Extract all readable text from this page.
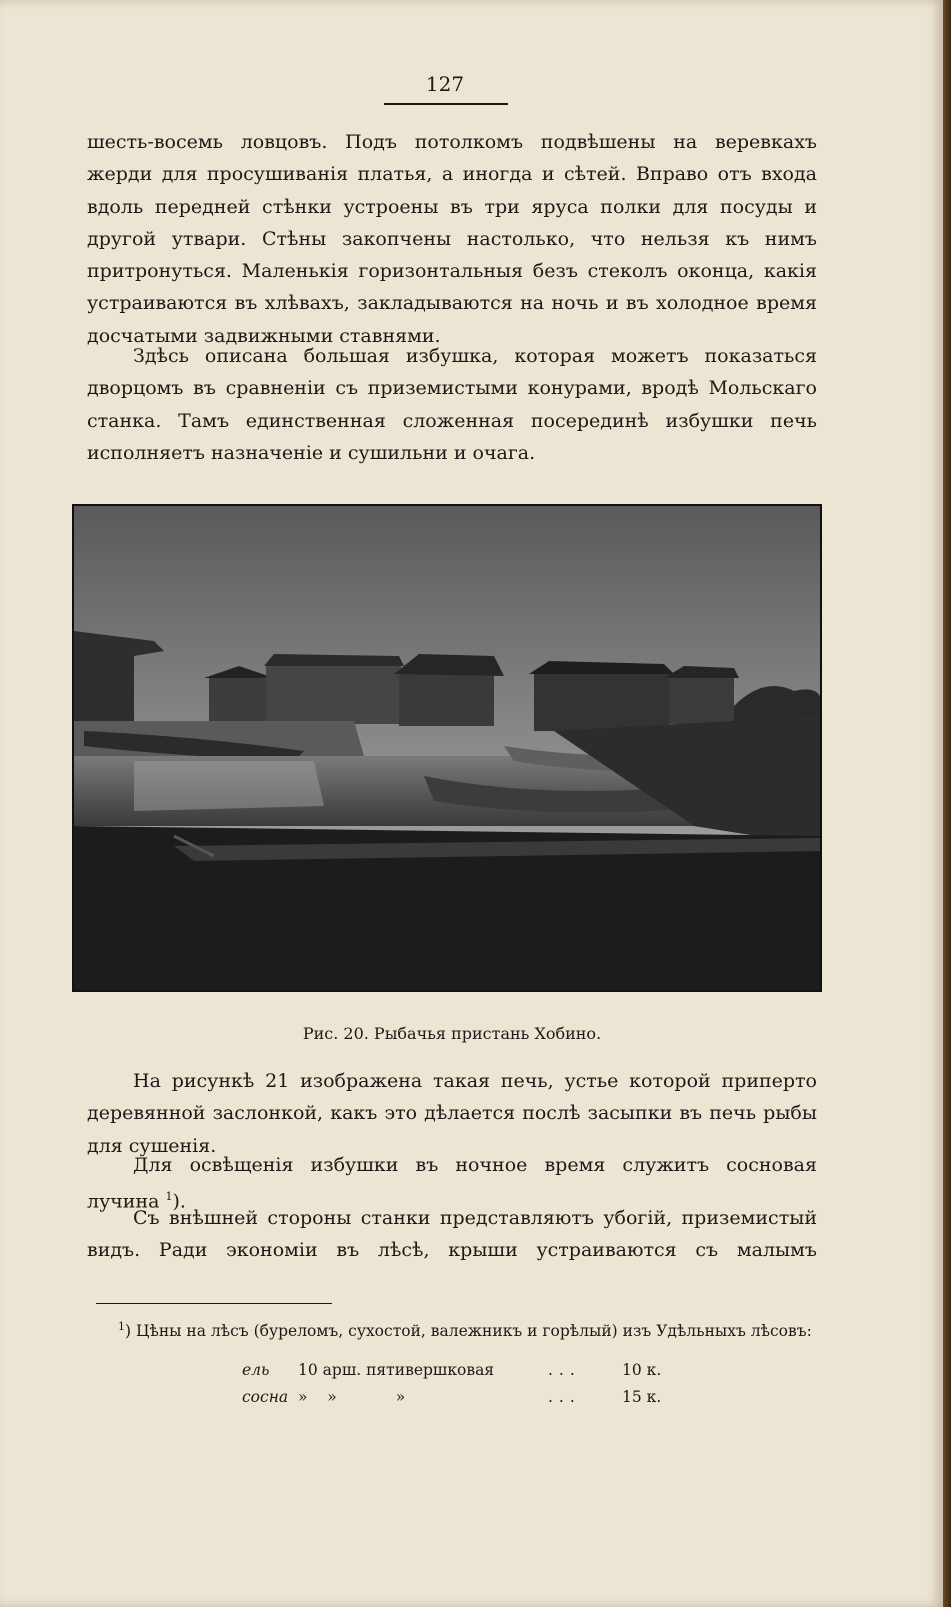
127

шесть-восемь ловцовъ. Подъ потолкомъ подвѣшены на веревкахъ жерди для просушиванія платья, а иногда и сѣтей. Вправо отъ входа вдоль передней стѣнки устроены въ три яруса полки для посуды и другой утвари. Стѣны закопчены настолько, что нельзя къ нимъ притронуться. Маленькія горизонтальныя безъ стеколъ оконца, какія устраиваются въ хлѣвахъ, закладываются на ночь и въ холодное время досчатыми задвижными ставнями.

Здѣсь описана большая избушка, которая можетъ показаться дворцомъ въ сравненіи съ приземистыми конурами, вродѣ Мольскаго станка. Тамъ единственная сложенная посерединѣ избушки печь исполняетъ назначеніе и сушильни и очага.

Рис. 20. Рыбачья пристань Хобино.

На рисункѣ 21 изображена такая печь, устье которой приперто деревянной заслонкой, какъ это дѣлается послѣ засыпки въ печь рыбы для сушенія.

Для освѣщенія избушки въ ночное время служитъ сосновая лучина $^1$).

Съ внѣшней стороны станки представляютъ убогій, приземистый видъ. Ради экономіи въ лѣсѣ, крыши устраиваются съ малымъ

$^1$) Цѣны на лѣсъ (буреломъ, сухостой, валежникъ и горѣлый) изъ Удѣльныхъ лѣсовъ:
ель	10 арш. пятивершковая	...	10 к.
сосна »    »            »	...	15 к.
